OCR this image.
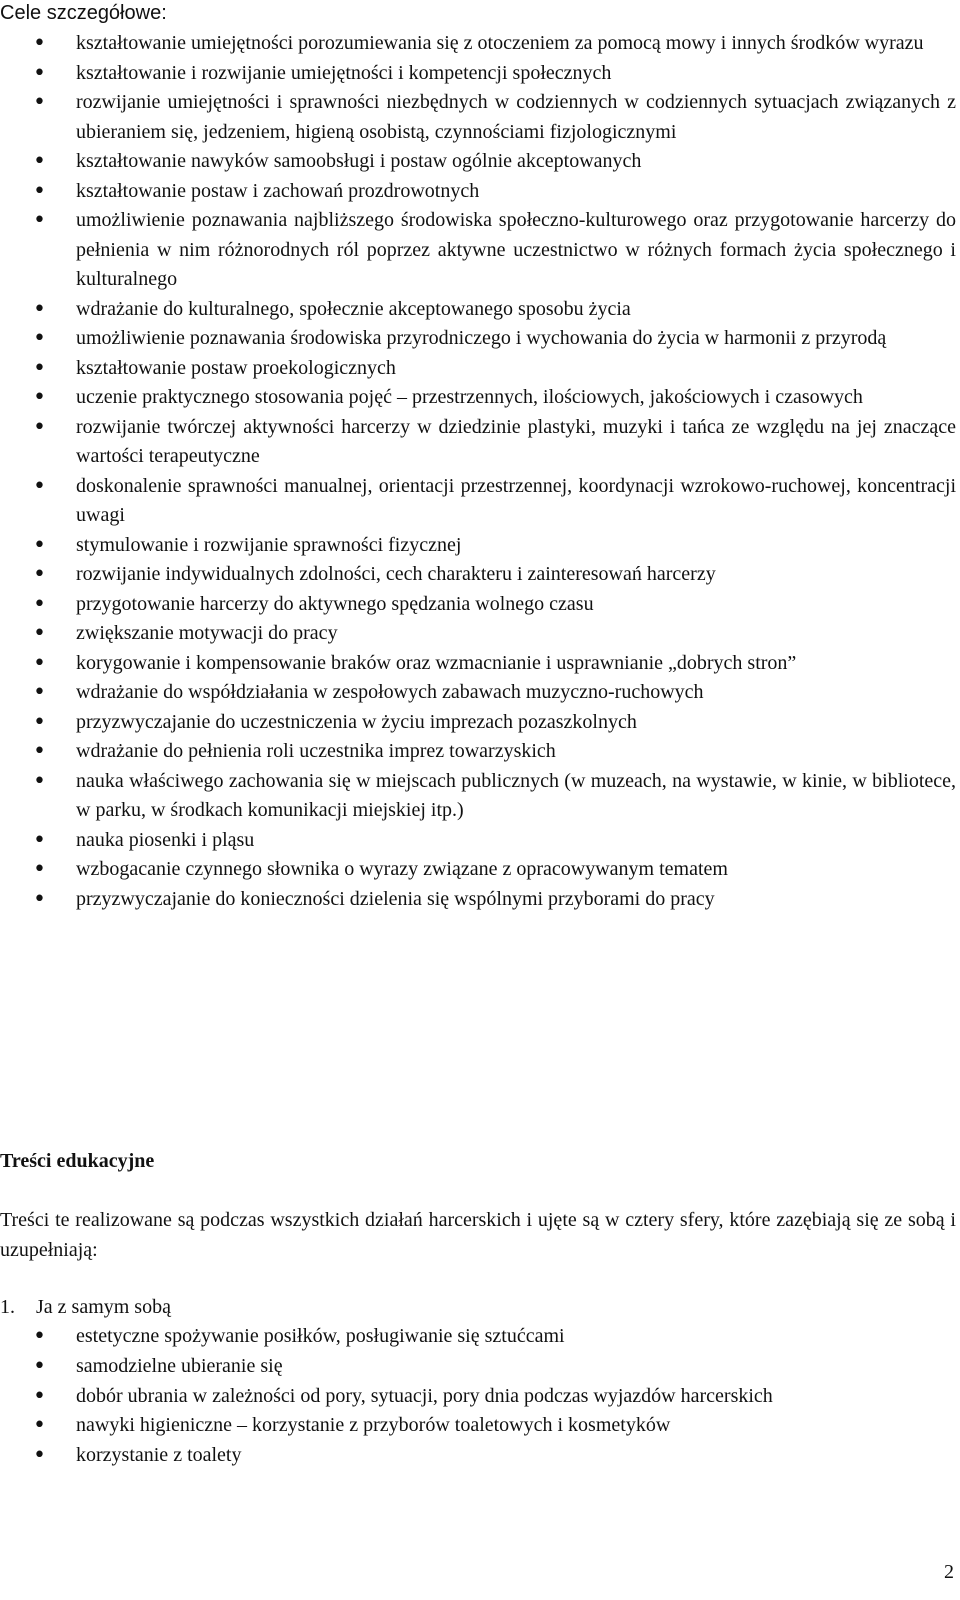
Cele szczegółowe:
• kształtowanie umiejętności porozumiewania się z otoczeniem za pomocą mowy i innych środków wyrazu
• kształtowanie i rozwijanie umiejętności i kompetencji społecznych
• rozwijanie umiejętności i sprawności niezbędnych w codziennych w codziennych sytuacjach związanych z ubieraniem się, jedzeniem, higieną osobistą, czynnościami fizjologicznymi
• kształtowanie nawyków samoobsługi i postaw ogólnie akceptowanych
• kształtowanie postaw i zachowań prozdrowotnych
• umożliwienie poznawania najbliższego środowiska społeczno-kulturowego oraz przygotowanie harcerzy do pełnienia w nim różnorodnych ról poprzez aktywne uczestnictwo w różnych formach życia społecznego i kulturalnego
• wdrażanie do kulturalnego, społecznie akceptowanego sposobu życia
• umożliwienie poznawania środowiska przyrodniczego i wychowania do życia w harmonii z przyrodą
• kształtowanie postaw proekologicznych
• uczenie praktycznego stosowania pojęć – przestrzennych, ilościowych, jakościowych i czasowych
• rozwijanie twórczej aktywności harcerzy w dziedzinie plastyki, muzyki i tańca ze względu na jej znaczące wartości terapeutyczne
• doskonalenie sprawności manualnej, orientacji przestrzennej, koordynacji wzrokowo-ruchowej, koncentracji uwagi
• stymulowanie i rozwijanie sprawności fizycznej
• rozwijanie indywidualnych zdolności, cech charakteru i zainteresowań harcerzy
• przygotowanie harcerzy do aktywnego spędzania wolnego czasu
• zwiększanie motywacji do pracy
• korygowanie i kompensowanie braków oraz wzmacnianie i usprawnianie „dobrych stron”
• wdrażanie do współdziałania w zespołowych zabawach muzyczno-ruchowych
• przyzwyczajanie do uczestniczenia w życiu imprezach pozaszkolnych
• wdrażanie do pełnienia roli uczestnika imprez towarzyskich
• nauka właściwego zachowania się w miejscach publicznych (w muzeach, na wystawie, w kinie, w bibliotece, w parku, w środkach komunikacji miejskiej itp.)
• nauka piosenki i pląsu
• wzbogacanie czynnego słownika o wyrazy związane z opracowywanym tematem
• przyzwyczajanie do konieczności dzielenia się wspólnymi przyborami do pracy
Treści edukacyjne

Treści te realizowane są podczas wszystkich działań harcerskich i ujęte są w cztery sfery, które zazębiają się ze sobą i uzupełniają:

1. Ja z samym sobą

• estetyczne spożywanie posiłków, posługiwanie się sztućcami
• samodzielne ubieranie się
• dobór ubrania w zależności od pory, sytuacji, pory dnia podczas wyjazdów harcerskich
• nawyki higieniczne – korzystanie z przyborów toaletowych i kosmetyków
• korzystanie z toalety
2
